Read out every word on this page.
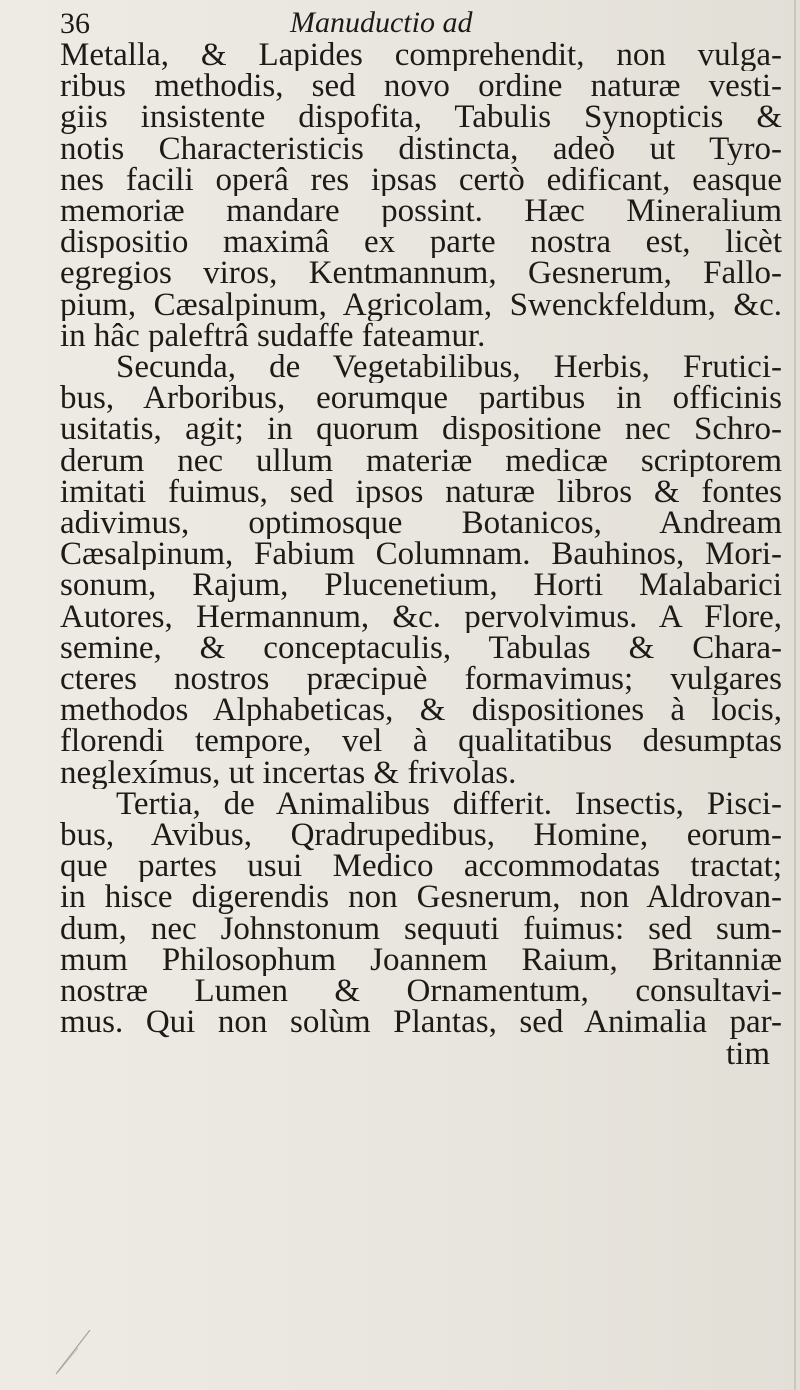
36	Manuductio ad
Metalla, & Lapides comprehendit, non vulga-
ribus methodis, sed novo ordine naturæ vesti-
giis insistente dispofita, Tabulis Synopticis &
notis Characteristicis distincta, adeò ut Tyro-
nes facili operâ res ipsas certò edificant, easque
memoriæ mandare possint. Hæc Mineralium
dispositio maximâ ex parte nostra est, licèt
egregios viros, Kentmannum, Gesnerum, Fallo-
pium, Cæsalpinum, Agricolam, Swenckfeldum, &c.
in hâc paleftrâ sudaffe fateamur.
Secunda, de Vegetabilibus, Herbis, Frutici-
bus, Arboribus, eorumque partibus in officinis
usitatis, agit; in quorum dispositione nec Schro-
derum nec ullum materiæ medicæ scriptorem
imitati fuimus, sed ipsos naturæ libros & fontes
adivimus, optimosque Botanicos, Andream
Cæsalpinum, Fabium Columnam. Bauhinos, Mori-
sonum, Rajum, Plucenetium, Horti Malabarici
Autores, Hermannum, &c. pervolvimus. A Flore,
semine, & conceptaculis, Tabulas & Chara-
cteres nostros præcipuè formavimus; vulgares
methodos Alphabeticas, & dispositiones à locis,
florendi tempore, vel à qualitatibus desumptas
neglexímus, ut incertas & frivolas.
Tertia, de Animalibus differit. Insectis, Pisci-
bus, Avibus, Qradrupedibus, Homine, eorum-
que partes usui Medico accommodatas tractat;
in hisce digerendis non Gesnerum, non Aldrovan-
dum, nec Johnstonum sequuti fuimus: sed sum-
mum Philosophum Joannem Raium, Britanniæ
nostræ Lumen & Ornamentum, consultavi-
mus. Qui non solùm Plantas, sed Animalia par-
tim
